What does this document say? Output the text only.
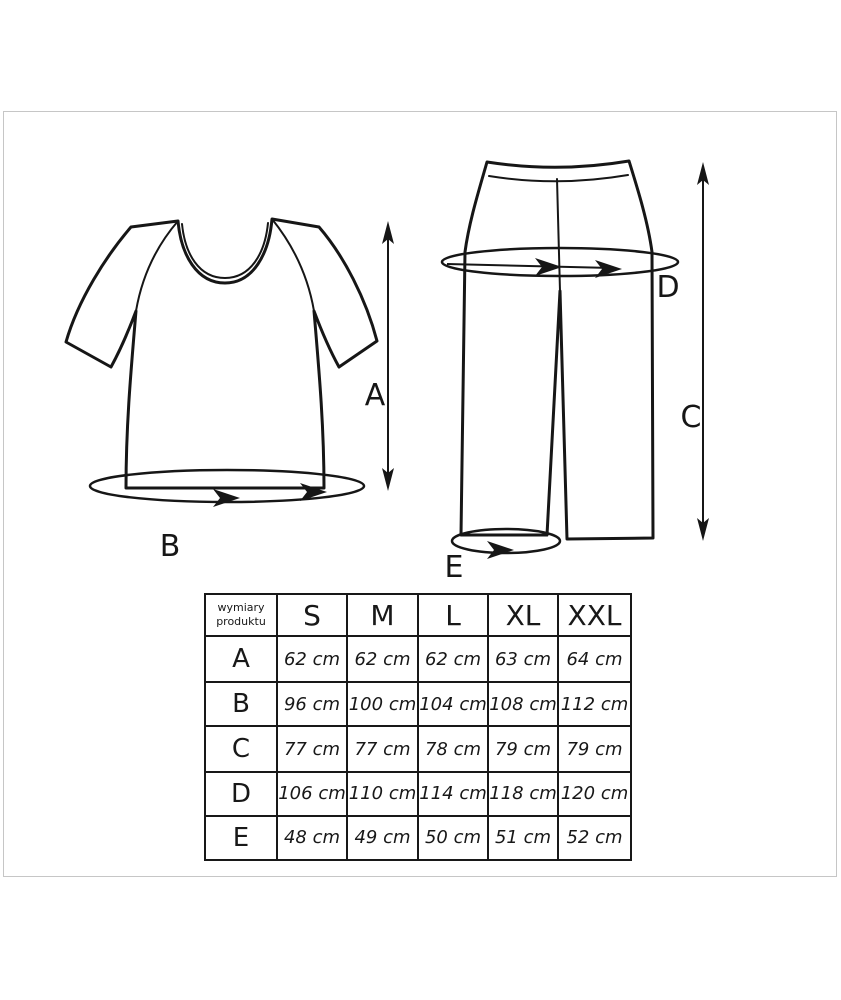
A
B
C
D
E
wymiary produktu	S	M	L	XL	XXL
A	62 cm	62 cm	62 cm	63 cm	64 cm
B	96 cm	100 cm	104 cm	108 cm	112 cm
C	77 cm	77 cm	78 cm	79 cm	79 cm
D	106 cm	110 cm	114 cm	118 cm	120 cm
E	48 cm	49 cm	50 cm	51 cm	52 cm
